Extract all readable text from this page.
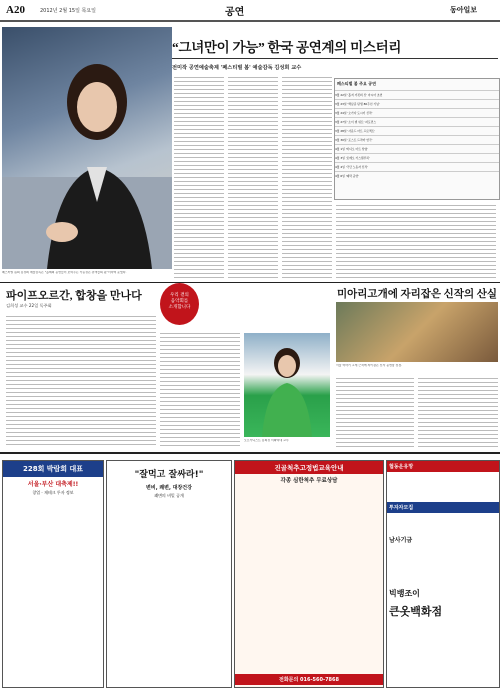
A20	2012년 2월 15일 목요일	공연	동아일보
페스티벌 봄의 김성희 예술감독은 "올해의 공연들이 보여주는 가능성은 관객들의 몫"이라며 웃었다.
“그녀만이 가능” 한국 공연계의 미스터리
전미작 공연예술축제 '페스티벌 봄' 예술감독 김성희 교수
페스티벌 봄 주요 공연
3월 22일 '홀저 거짓의 신' 아시아 초연
3월 23일 '백남준 탄생 80주년 기념'
3월 24일 '오카다 도시키 신작'
3월 27일 '소이 텐 위트' 퍼포먼스
3월 28일 '사운드 아트 프로젝트'
3월 30일 '포스트 드라마 연극'
4월 1일 '비디오 아트 상영'
4월 3일 '로메오 카스텔루치'
4월 4일 '극단 노동자 신작'
4월 6일 '폐막 공연'
파이프오르간, 합창을 만나다
김희성 교수 22일 독주회
우리 곁의
음악회를
소개합니다
오르가니스트 김희성 이화여대 교수
미아리고개에 자리잡은 신작의 산실
서울 미아리 고개 근처에 자리잡은 신작 공연장 전경.
228회 박람회 대표
서울·부산 대축제!!
창업 · 재테크 투자 정보
"잘먹고 잘싸라!"
변비, 쾌변, 대장건강
쾌변의 비밀 공개
진골척추고정법교육안내
각종 심한척추 무료상담
전화문의 016-560-7868
협동운유망
투자자모집
남사기금
빅뱅조이
큰옷백화점
